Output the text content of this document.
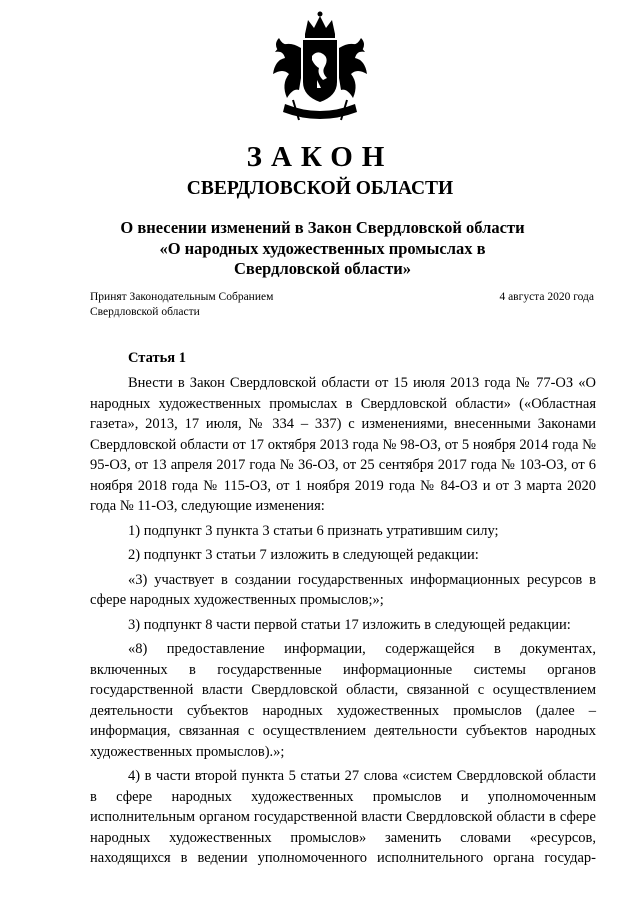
ЗАКОН
СВЕРДЛОВСКОЙ ОБЛАСТИ
О внесении изменений в Закон Свердловской области
«О народных художественных промыслах в
Свердловской области»
Принят Законодательным Собранием
Свердловской области
4 августа 2020 года
Статья 1

Внести в Закон Свердловской области от 15 июля 2013 года № 77-ОЗ «О народных художественных промыслах в Свердловской области» («Областная газета», 2013, 17 июля, № 334 – 337) с изменениями, внесенными Законами Свердловской области от 17 октября 2013 года № 98-ОЗ, от 5 ноября 2014 года № 95-ОЗ, от 13 апреля 2017 года № 36-ОЗ, от 25 сентября 2017 года № 103-ОЗ, от 6 ноября 2018 года № 115-ОЗ, от 1 ноября 2019 года № 84-ОЗ и от 3 марта 2020 года № 11-ОЗ, следующие изменения:

1) подпункт 3 пункта 3 статьи 6 признать утратившим силу;

2) подпункт 3 статьи 7 изложить в следующей редакции:

«3) участвует в создании государственных информационных ресурсов в сфере народных художественных промыслов;»;

3) подпункт 8 части первой статьи 17 изложить в следующей редакции:

«8) предоставление информации, содержащейся в документах, включенных в государственные информационные системы органов государственной власти Свердловской области, связанной с осуществлением деятельности субъектов народных художественных промыслов (далее – информация, связанная с осуществлением деятельности субъектов народных художественных промыслов).»;

4) в части второй пункта 5 статьи 27 слова «систем Свердловской области в сфере народных художественных промыслов и уполномоченным исполнительным органом государственной власти Свердловской области в сфере народных художественных промыслов» заменить словами «ресурсов, находящихся в ведении уполномоченного исполнительного органа государ-
